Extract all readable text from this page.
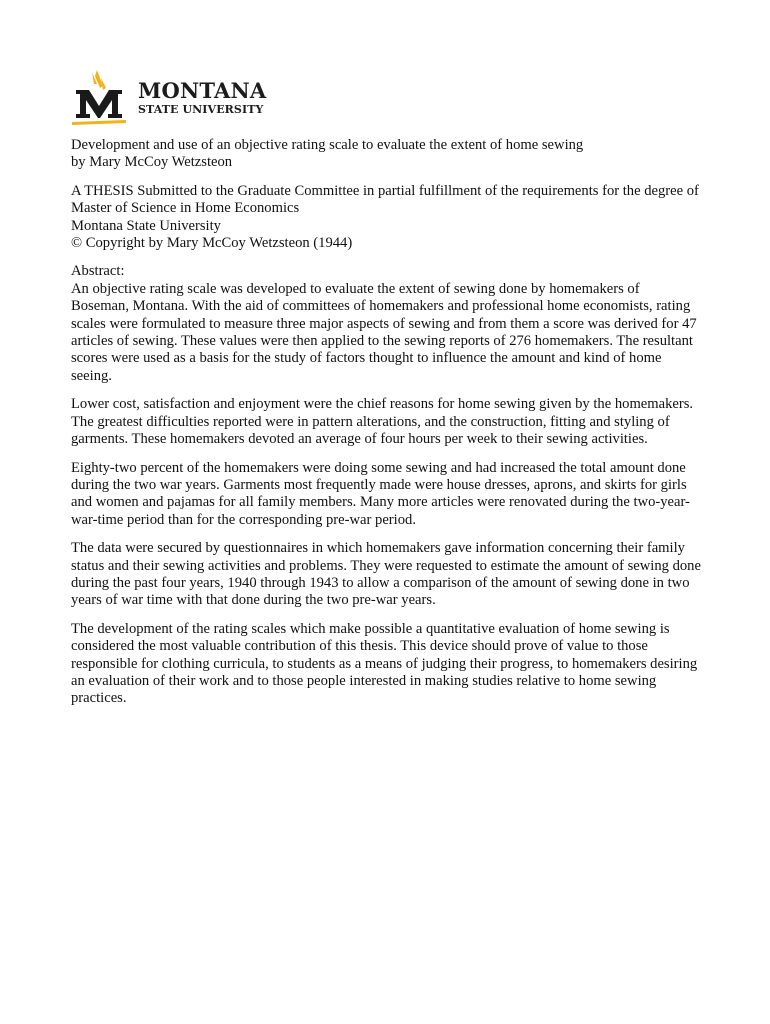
MONTANA
STATE UNIVERSITY

Development and use of an objective rating scale to evaluate the extent of home sewing
by Mary McCoy Wetzsteon

A THESIS Submitted to the Graduate Committee in partial fulfillment of the requirements for the degree of Master of Science in Home Economics
Montana State University
© Copyright by Mary McCoy Wetzsteon (1944)

Abstract:
An objective rating scale was developed to evaluate the extent of sewing done by homemakers of Boseman, Montana. With the aid of committees of homemakers and professional home economists, rating scales were formulated to measure three major aspects of sewing and from them a score was derived for 47 articles of sewing. These values were then applied to the sewing reports of 276 homemakers. The resultant scores were used as a basis for the study of factors thought to influence the amount and kind of home seeing.

Lower cost, satisfaction and enjoyment were the chief reasons for home sewing given by the homemakers. The greatest difficulties reported were in pattern alterations, and the construction, fitting and styling of garments. These homemakers devoted an average of four hours per week to their sewing activities.

Eighty-two percent of the homemakers were doing some sewing and had increased the total amount done during the two war years. Garments most frequently made were house dresses, aprons, and skirts for girls and women and pajamas for all family members. Many more articles were renovated during the two-year-war-time period than for the corresponding pre-war period.

The data were secured by questionnaires in which homemakers gave information concerning their family status and their sewing activities and problems. They were requested to estimate the amount of sewing done during the past four years, 1940 through 1943 to allow a comparison of the amount of sewing done in two years of war time with that done during the two pre-war years.

The development of the rating scales which make possible a quantitative evaluation of home sewing is considered the most valuable contribution of this thesis. This device should prove of value to those responsible for clothing curricula, to students as a means of judging their progress, to homemakers desiring an evaluation of their work and to those people interested in making studies relative to home sewing practices.
